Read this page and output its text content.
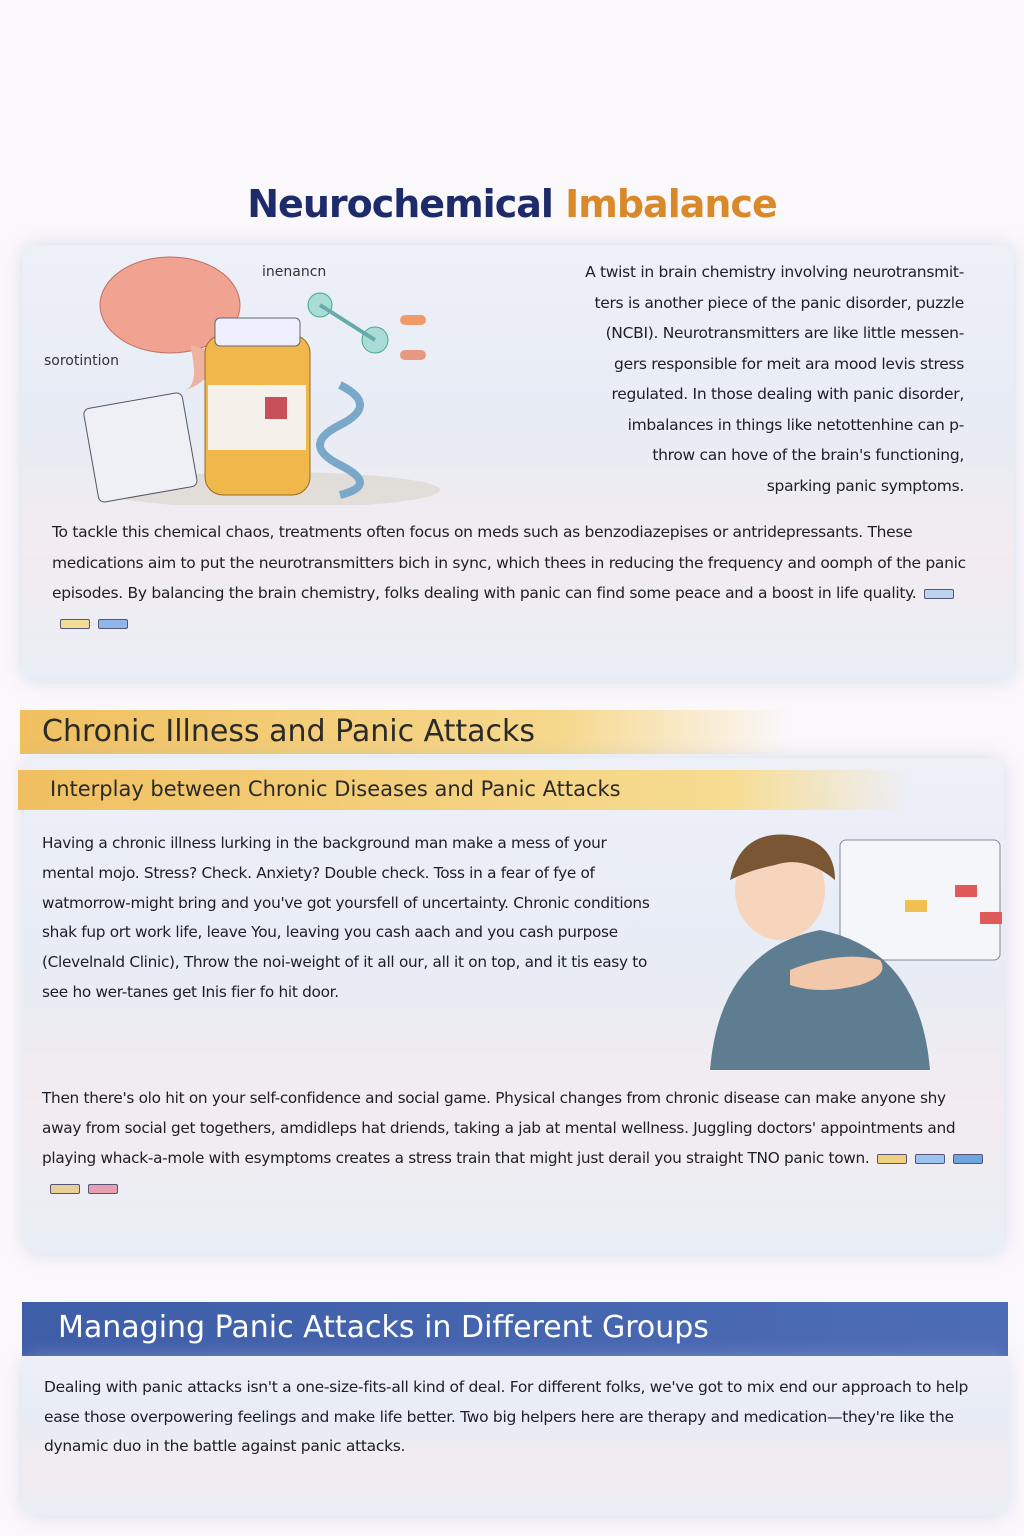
Neurochemical Imbalance
inenancn
sorotintion
A twist in brain chemistry involving neurotransmit-
ters is another piece of the panic disorder, puzzle
(NCBI). Neurotransmitters are like little messen-
gers responsible for meit ara mood levis stress
regulated. In those dealing with panic disorder,
imbalances in things like netottenhine can p-
throw can hove of the brain's functioning,
sparking panic symptoms.

To tackle this chemical chaos, treatments often focus on meds such as benzodiazepises or antridepressants. These medications aim to put the neurotransmitters bich in sync, which thees in reducing the frequency and oomph of the panic episodes. By balancing the brain chemistry, folks dealing with panic can find some peace and a boost in life quality.

Chronic Illness and Panic Attacks
Interplay between Chronic Diseases and Panic Attacks

Having a chronic illness lurking in the background man make a mess of your mental mojo. Stress? Check. Anxiety? Double check. Toss in a fear of fye of watmorrow-might bring and you've got yoursfell of uncertainty. Chronic conditions shak fup ort work life, leave You, leaving you cash aach and you cash purpose (Clevelnald Clinic), Throw the noi-weight of it all our, all it on top, and it tis easy to see ho wer-tanes get Inis fier fo hit door.

Then there's olo hit on your self-confidence and social game. Physical changes from chronic disease can make anyone shy away from social get togethers, amdidleps hat driends, taking a jab at mental wellness. Juggling doctors' appointments and playing whack-a-mole with esymptoms creates a stress train that might just derail you straight TNO panic town.

Managing Panic Attacks in Different Groups

Dealing with panic attacks isn't a one-size-fits-all kind of deal. For different folks, we've got to mix end our approach to help ease those overpowering feelings and make life better. Two big helpers here are therapy and medication—they're like the dynamic duo in the battle against panic attacks.
